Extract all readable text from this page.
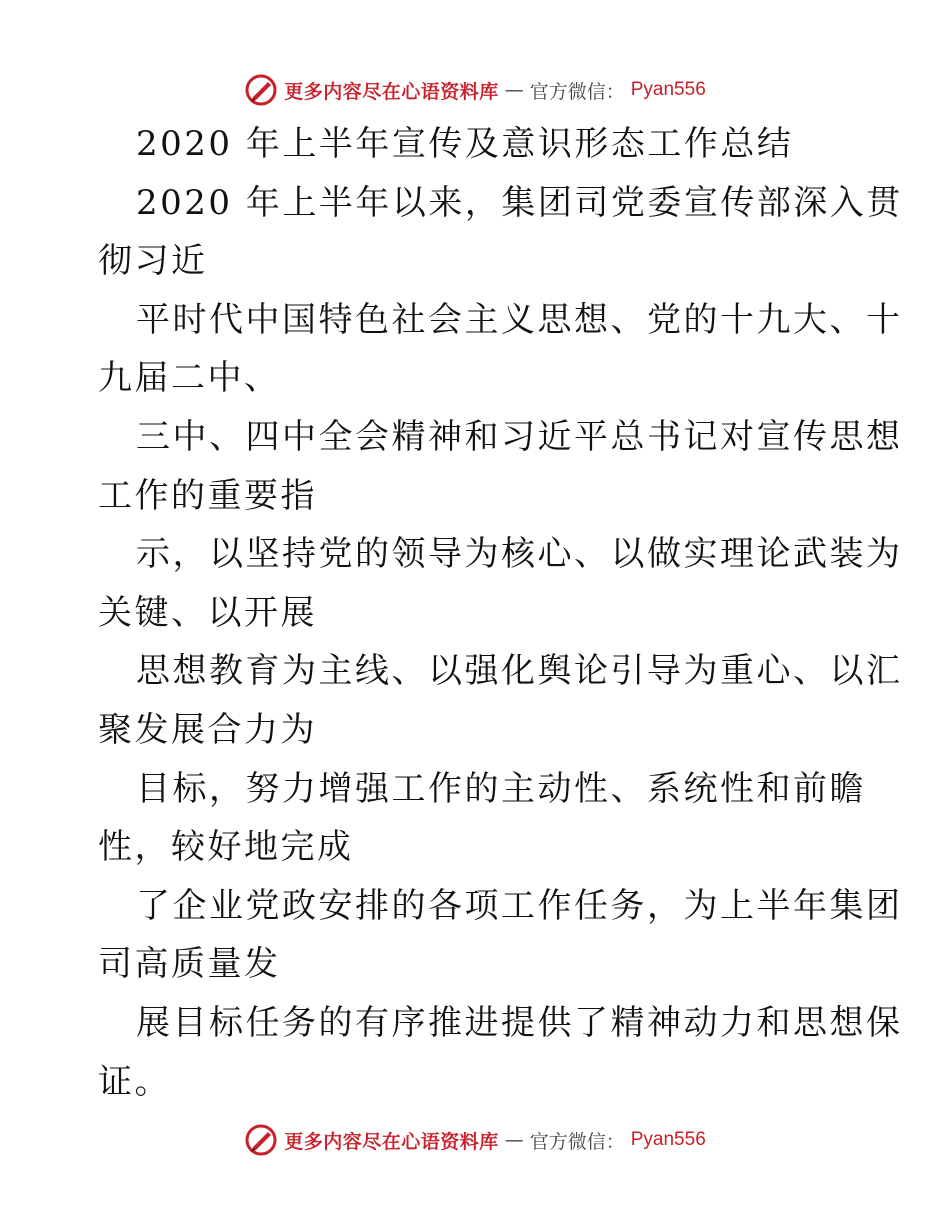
更多内容尽在心语资料库 — 官方微信： Pyan556
2020 年上半年宣传及意识形态工作总结
2020 年上半年以来，集团司党委宣传部深入贯
彻习近
平时代中国特色社会主义思想、党的十九大、十
九届二中、
三中、四中全会精神和习近平总书记对宣传思想
工作的重要指
示，以坚持党的领导为核心、以做实理论武装为
关键、以开展
思想教育为主线、以强化舆论引导为重心、以汇
聚发展合力为
目标，努力增强工作的主动性、系统性和前瞻
性，较好地完成
了企业党政安排的各项工作任务，为上半年集团
司高质量发
展目标任务的有序推进提供了精神动力和思想保
证。
更多内容尽在心语资料库 — 官方微信： Pyan556
